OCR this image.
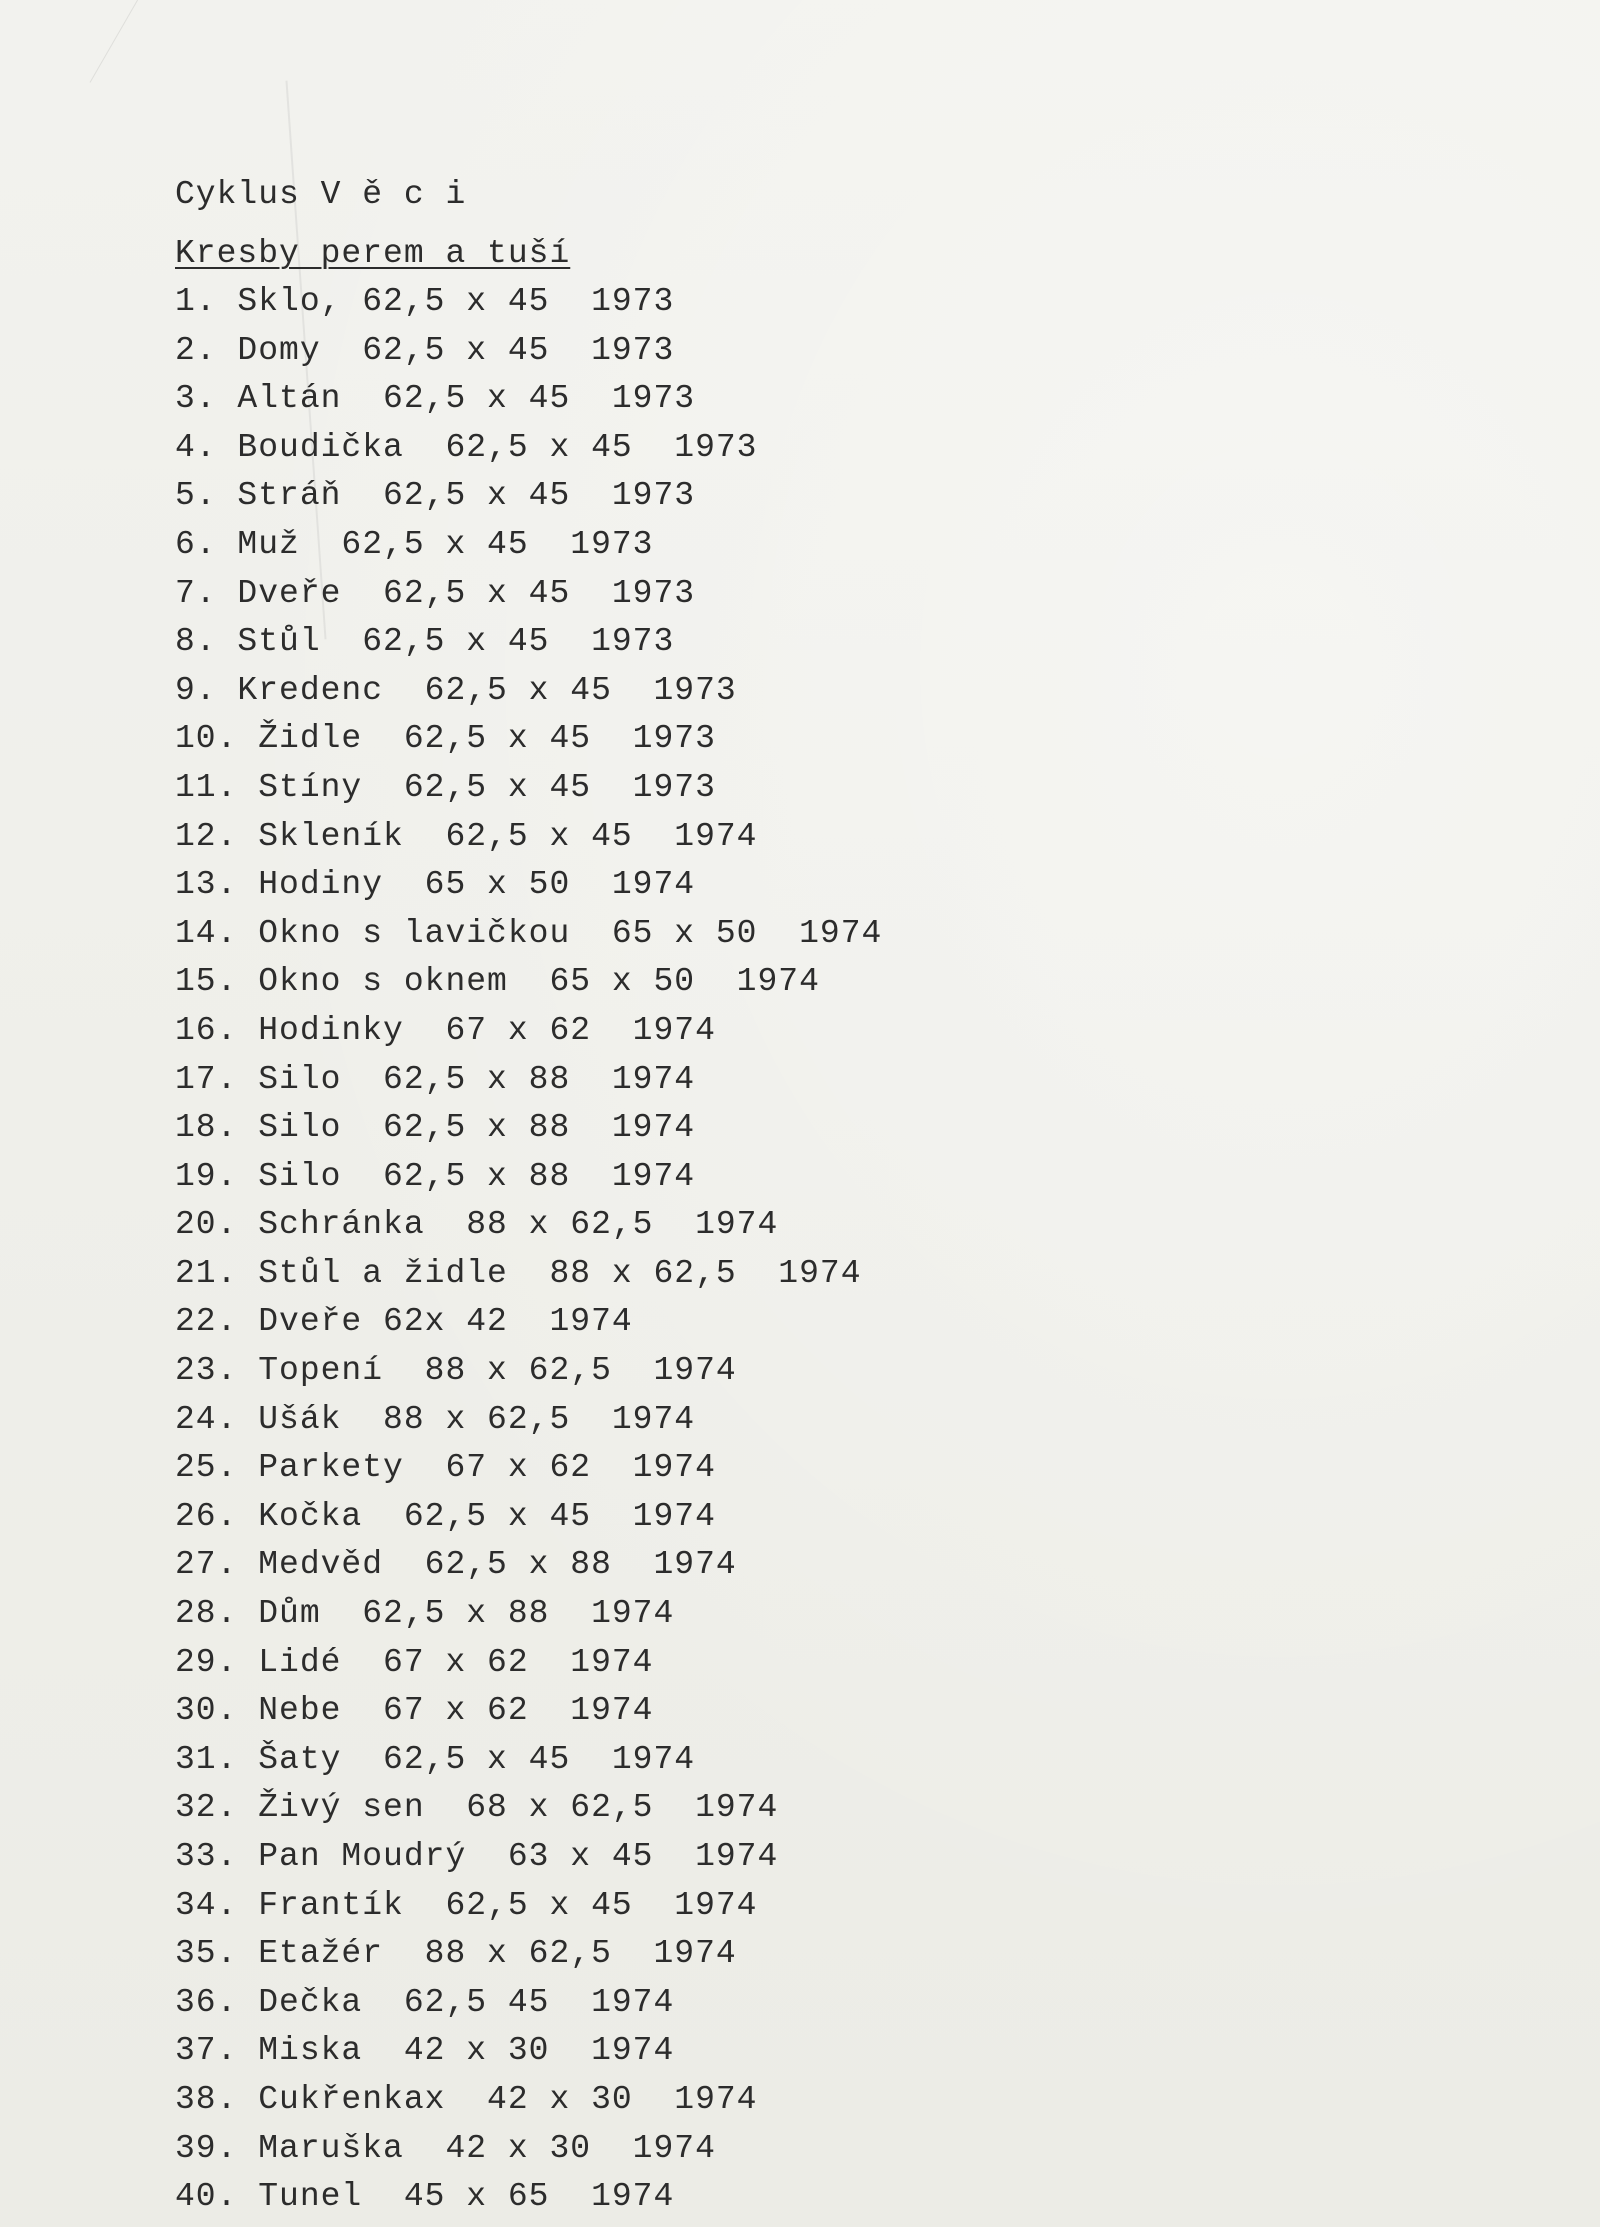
Cyklus V ě c i
Kresby perem a tuší
1. Sklo, 62,5 x 45  1973
2. Domy  62,5 x 45  1973
3. Altán  62,5 x 45  1973
4. Boudička  62,5 x 45  1973
5. Stráň  62,5 x 45  1973
6. Muž  62,5 x 45  1973
7. Dveře  62,5 x 45  1973
8. Stůl  62,5 x 45  1973
9. Kredenc  62,5 x 45  1973
10. Židle  62,5 x 45  1973
11. Stíny  62,5 x 45  1973
12. Skleník  62,5 x 45  1974
13. Hodiny  65 x 50  1974
14. Okno s lavičkou  65 x 50  1974
15. Okno s oknem  65 x 50  1974
16. Hodinky  67 x 62  1974
17. Silo  62,5 x 88  1974
18. Silo  62,5 x 88  1974
19. Silo  62,5 x 88  1974
20. Schránka  88 x 62,5  1974
21. Stůl a židle  88 x 62,5  1974
22. Dveře 62x 42  1974
23. Topení  88 x 62,5  1974
24. Ušák  88 x 62,5  1974
25. Parkety  67 x 62  1974
26. Kočka  62,5 x 45  1974
27. Medvěd  62,5 x 88  1974
28. Dům  62,5 x 88  1974
29. Lidé  67 x 62  1974
30. Nebe  67 x 62  1974
31. Šaty  62,5 x 45  1974
32. Živý sen  68 x 62,5  1974
33. Pan Moudrý  63 x 45  1974
34. Frantík  62,5 x 45  1974
35. Etažér  88 x 62,5  1974
36. Dečka  62,5 45  1974
37. Miska  42 x 30  1974
38. Cukřenkax  42 x 30  1974
39. Maruška  42 x 30  1974
40. Tunel  45 x 65  1974
